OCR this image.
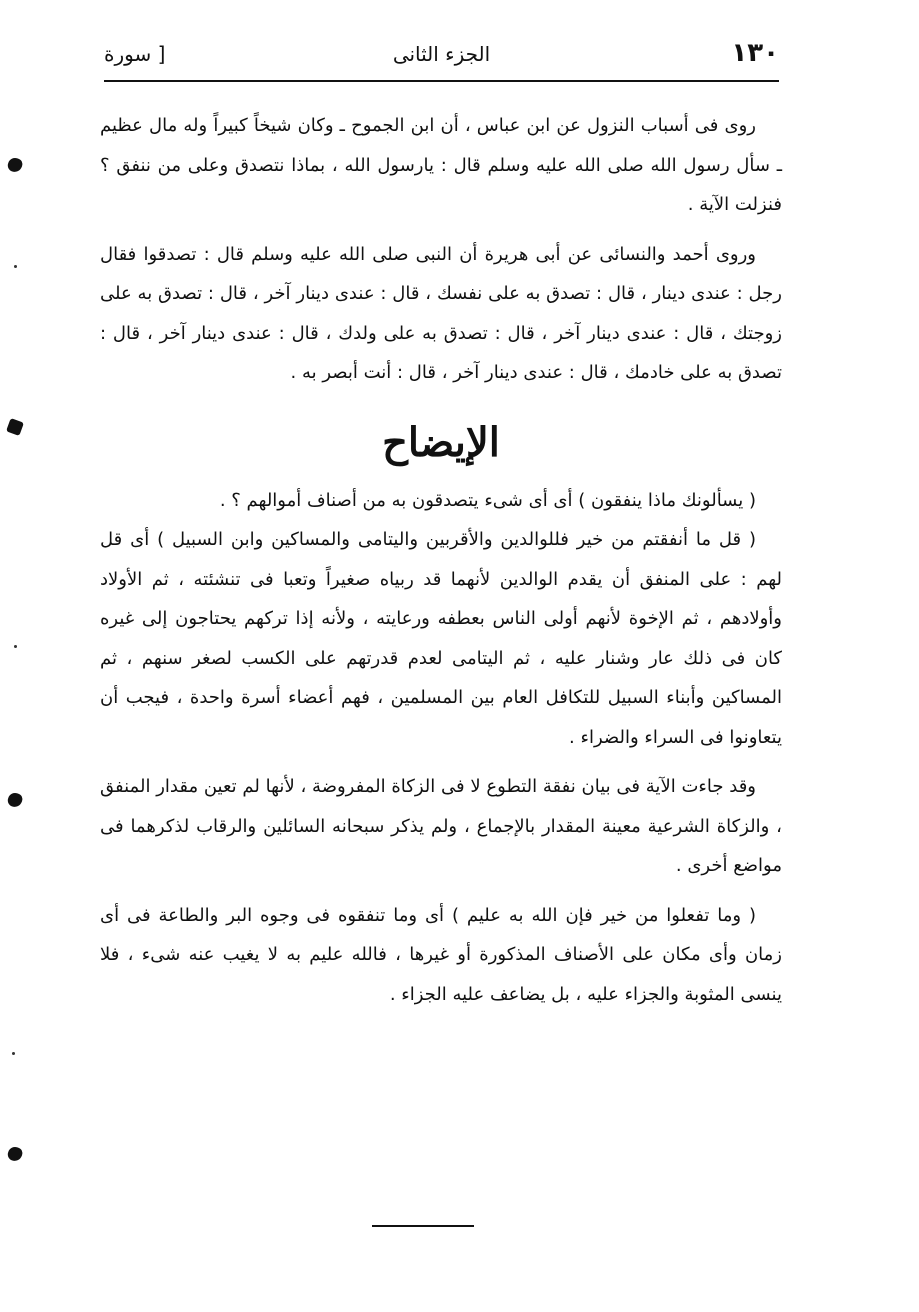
١٣٠
الجزء الثانى
[ سورة

روى فى أسباب النزول عن ابن عباس ، أن ابن الجموح ـ وكان شيخاً كبيراً وله مال عظيم ـ سأل رسول الله صلى الله عليه وسلم قال : يارسول الله ، بماذا نتصدق وعلى من ننفق ؟ فنزلت الآية .

وروى أحمد والنسائى عن أبى هريرة أن النبى صلى الله عليه وسلم قال : تصدقوا فقال رجل : عندى دينار ، قال : تصدق به على نفسك ، قال : عندى دينار آخر ، قال : تصدق به على زوجتك ، قال : عندى دينار آخر ، قال : تصدق به على ولدك ، قال : عندى دينار آخر ، قال : تصدق به على خادمك ، قال : عندى دينار آخر ، قال : أنت أبصر به .

الإيضاح

( يسألونك ماذا ينفقون ) أى أى شىء يتصدقون به من أصناف أموالهم ؟ .

( قل ما أنفقتم من خير فللوالدين والأقربين واليتامى والمساكين وابن السبيل ) أى قل لهم : على المنفق أن يقدم الوالدين لأنهما قد ربياه صغيراً وتعبا فى تنشئته ، ثم الأولاد وأولادهم ، ثم الإخوة لأنهم أولى الناس بعطفه ورعايته ، ولأنه إذا تركهم يحتاجون إلى غيره كان فى ذلك عار وشنار عليه ، ثم اليتامى لعدم قدرتهم على الكسب لصغر سنهم ، ثم المساكين وأبناء السبيل للتكافل العام بين المسلمين ، فهم أعضاء أسرة واحدة ، فيجب أن يتعاونوا فى السراء والضراء .

وقد جاءت الآية فى بيان نفقة التطوع لا فى الزكاة المفروضة ، لأنها لم تعين مقدار المنفق ، والزكاة الشرعية معينة المقدار بالإجماع ، ولم يذكر سبحانه السائلين والرقاب لذكرهما فى مواضع أخرى .

( وما تفعلوا من خير فإن الله به عليم ) أى وما تنفقوه فى وجوه البر والطاعة فى أى زمان وأى مكان على الأصناف المذكورة أو غيرها ، فالله عليم به لا يغيب عنه شىء ، فلا ينسى المثوبة والجزاء عليه ، بل يضاعف عليه الجزاء .
